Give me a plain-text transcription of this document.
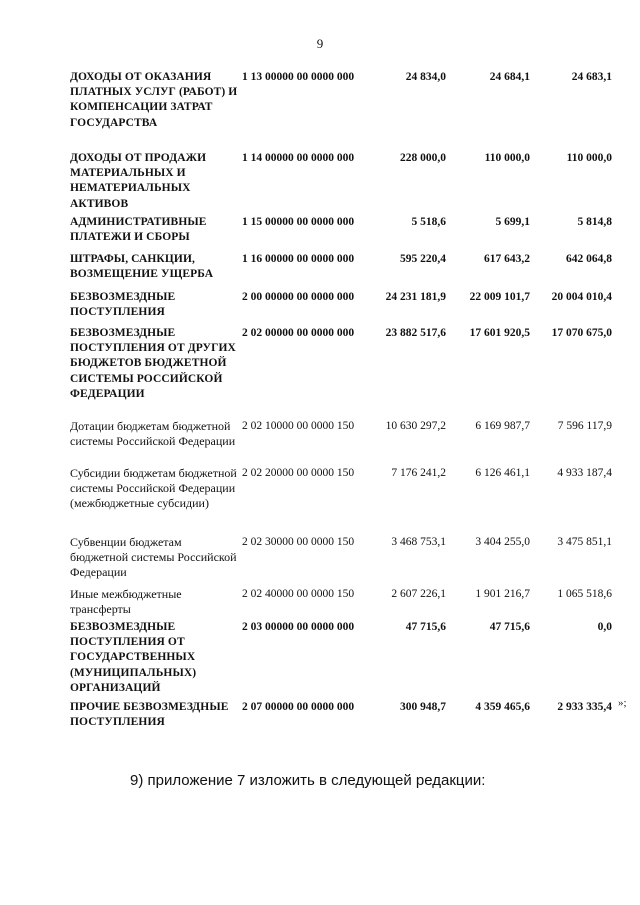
9
ДОХОДЫ ОТ ОКАЗАНИЯ ПЛАТНЫХ УСЛУГ (РАБОТ) И КОМПЕНСАЦИИ ЗАТРАТ ГОСУДАРСТВА
1 13 00000 00 0000 000	24 834,0	24 684,1	24 683,1
ДОХОДЫ ОТ ПРОДАЖИ МАТЕРИАЛЬНЫХ И НЕМАТЕРИАЛЬНЫХ АКТИВОВ
1 14 00000 00 0000 000	228 000,0	110 000,0	110 000,0
АДМИНИСТРАТИВНЫЕ ПЛАТЕЖИ И СБОРЫ
1 15 00000 00 0000 000	5 518,6	5 699,1	5 814,8
ШТРАФЫ, САНКЦИИ, ВОЗМЕЩЕНИЕ УЩЕРБА
1 16 00000 00 0000 000	595 220,4	617 643,2	642 064,8
БЕЗВОЗМЕЗДНЫЕ ПОСТУПЛЕНИЯ
2 00 00000 00 0000 000	24 231 181,9	22 009 101,7	20 004 010,4
БЕЗВОЗМЕЗДНЫЕ ПОСТУПЛЕНИЯ ОТ ДРУГИХ БЮДЖЕТОВ БЮДЖЕТНОЙ СИСТЕМЫ РОССИЙСКОЙ ФЕДЕРАЦИИ
2 02 00000 00 0000 000	23 882 517,6	17 601 920,5	17 070 675,0
Дотации бюджетам бюджетной системы Российской Федерации
2 02 10000 00 0000 150	10 630 297,2	6 169 987,7	7 596 117,9
Субсидии бюджетам бюджетной системы Российской Федерации (межбюджетные субсидии)
2 02 20000 00 0000 150	7 176 241,2	6 126 461,1	4 933 187,4
Субвенции бюджетам бюджетной системы Российской Федерации
2 02 30000 00 0000 150	3 468 753,1	3 404 255,0	3 475 851,1
Иные межбюджетные трансферты
2 02 40000 00 0000 150	2 607 226,1	1 901 216,7	1 065 518,6
БЕЗВОЗМЕЗДНЫЕ ПОСТУПЛЕНИЯ ОТ ГОСУДАРСТВЕННЫХ (МУНИЦИПАЛЬНЫХ) ОРГАНИЗАЦИЙ
2 03 00000 00 0000 000	47 715,6	47 715,6	0,0
ПРОЧИЕ БЕЗВОЗМЕЗДНЫЕ ПОСТУПЛЕНИЯ
2 07 00000 00 0000 000	300 948,7	4 359 465,6	2 933 335,4 »;
9) приложение 7 изложить в следующей редакции:
